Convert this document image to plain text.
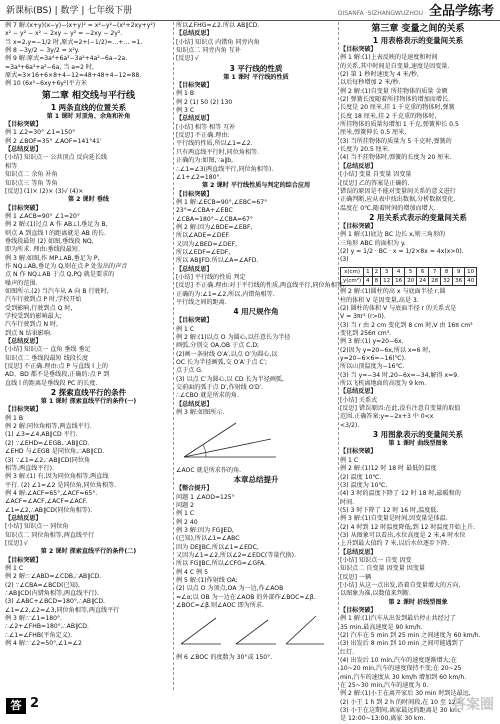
新课标(BS) | 数学 | 七年级下册	DISANFA ·SIZHANGWUZHOU 全品学练考
例 7 解:(x+y)(x−y)−(x+y)² = x²−y²−(x²+2xy+y²)
x² − y² − x² − 2xy − y² = −2xy − 2y².
当 x=2,y=−1/2 时,原式=2+(−1/2)=…+… =1.
例 8 −3y/2 − 3y/2 = x²y.
例 9 解:原式=3a⁴+6a³−3a²+4a²−6a−2a.
=3a⁴+6a³+a²−6a, 当 a=2 时,
原式=3×16+6×8+4−12=48+48+4−12=88.
例 10 (6x²−6xy+6y²)平方米
第二章 相交线与平行线
1 两条直线的位置关系
第 1 课时 对顶角、余角和补角
【目标突破】
例 1 ∠2=30° ∠1=150°
例 2 ∠BOF=35° ∠AOF=141°41′
【总结反思】
[小结] 知识点一 公共顶点 反向延长线
相等
知识点二 余角 补角
知识点三 等角 等角
[反思] (1)× (2)× (3)√ (4)×
第 2 课时 垂线
【目标突破】
例 1 ∠ACB=90° ∠1=20°
例 2 解:(1)过点 A 作 AB⊥l,垂足为 B,
则点 A 到直线 l 的距离就是 AB 的长.
垂线段最短 (2) 如图,垂线段 NQ,
即为所求. 理由:垂线段最短.
例 3 解:如图,作 MP⊥AB,垂足为 P,
作 NQ⊥AB,垂足为 Q,则在点 P 处发出的声音
点 N 作 NQ⊥AB 于点 Q,PQ 就是要求的
噪声的范围.
如图所示.(2) 当汽车从 A 向 B 行驶时,
汽车行驶到点 P 时,学校开始
受到影响,行驶到点 Q 时,
学校受到的影响最大;
汽车行驶到点 N 时,
到点 N 结束影响.
【总结反思】
[小结] 知识点一 直角 垂线 垂足
知识点二 垂线段最短 线段长度
[反思] 不正确.理由:点 P 与直线 l 上的
AD、BD 都不是垂线段,正确的:点 P 到
直线 l 的距离是垂线段 PC 的长度.
2 探索直线平行的条件
第 1 课时 探索直线平行的条件(一)
【目标突破】
例 1 B
例 2 解:同位角相等,两直线平行.
(1) ∠3=∠4,AB∥CD 平行.
(2) ∵∠EHD=∠EGB,∴AB∥CD.
∠EHD 与∠EGB 是同位角,∴AB∥CD.
(3) ∵∠1=∠2,∴AB∥CD(同位角
相等,两直线平行).
例 3 解:(1) 有,因为同位角相等,两直线
平行. (2) ∠1=∠2 是同位角,同位角相等.
例 4 解:∠ACF=65°,∠ACF=65°.
∠ACF=∠ACF,∠ACF=∠ACF.
∠1=∠2,∴AB∥CD(同位角相等).
【总结反思】
[小结] 知识点一 同位角
知识点二 同位角相等,两直线平行
[反思] √
第 2 课时 探索直线平行的条件(二)
【目标突破】
例 1 C
例 2 解:∵∠ABD=∠CDB,∴AB∥CD.
(2) ∵∠CBA=∠BCD(已知),
∴AB∥CD(内错角相等,两直线平行).
(3) ∠ABC+∠BCD=180°,∴AB∥CD.
∠1=∠2,∠2=∠3,同位角相等,两直线平行
例 3 解:∵∠1=180°.
∴∠2+∠FHB=180°,∴AB∥CD.
∴∠1=∠FHB(平角定义).
例 4 解:∵∠2=50°,∠1=∠2
所以∠FHG=∠2.所以 AB∥CD.
【总结反思】
[小结] 知识点 内错角 同旁内角
知识点二 同旁内角 互补
[反思] √
3 平行线的性质
第 1 课时 平行线的性质
【目标突破】
例 1 B
例 2 (1) 50 (2) 130
例 3 C
【总结反思】
[小结] 相等 相等 互补
[反思] 不正确.理由:
平行线的性质,所以∠1=∠2.
只有两直线平行时,同位角相等.
正确的为:如图,∵a∥b,
∴∠1=∠3(两直线平行,同位角相等).
∠1+∠2=180°.
第 2 课时 平行线性质与判定的综合应用
【目标突破】
例 1 解:∠ECB=90°,∠EBC=67°
23°=∠CBA+∠EBC
∠CBA=180°−∠CBA=67°
例 2 解:因为∠BDE=∠EBF,
所以∠ADE=∠DEF.
又因为∠BED=∠DEF,
所以∠EDF=∠EDF,
所以 AB∥FD.所以∠A=∠AFD.
【总结反思】
[小结] 平行线的性质 判定
[反思] 不正确.理由:对于平行线的性质,两直线平行,同位角相等.
正确的为:∠1=∠2,所以,内错角相等.
平行线之间的距离.
4 用尺规作角
【目标突破】
例 1 C
例 2 解:(1)以点 O 为圆心,以任意长为半径
画弧,分别交 OA,OB 于点 C,D;
(2)画一条射线 O′A′,以点 O′为圆心,以
OC 长为半径画弧,交 O′A′于点 C′;
点于点 G.
(3) 以点 C′为圆心,以 CD 长为半径画弧,
交前面的弧于点 D′,作射线 O′D′.
∴∠CBO 就是所求的角.
【总结反思】
例 3 解:如图所示.
∠AOC 就是所求作的角.
本章总结提升
【整合提升】
问题 1 ∠AOD=125°
问题 2
例 1 C
例 2 40
例 3 解:因为 FG∥ED,
(已知),所以∠1=∠ABC
因为 DE∥BC,所以∠1=∠EDC,
又因为∠1=∠2,所以∠2=∠EDC(等量代换).
所以 FG∥BC,所以∠CFG=∠GFA.
例 4 C 例 5
例 5 解:(1)作射线 OA;
(2) 以点 O 为顶点,OA 为一边,作∠AOB
=∠α;以 OB 为一边在∠AOB 的外部作∠BOC=∠β.
∠BOC=∠β.则∠AOC 即为所求.
例 6 ∠BOC 的度数为 30°或 150°.
第三章 变量之间的关系
1 用表格表示的变量间关系
【目标突破】
例 1 解:(1)上表反映的是速度和时间
的关系,其中时间是自变量,速度是因变量.
(2) 第 1 秒时速度为 4 米/秒,
以后每秒增加 2 米/秒.
例 2 解:(1)自变量 所挂物体的质量 金额
(2) 弹簧长度随着所挂物体的增加而增长.
长度是 20 厘米,挂 1 千克重的物体时,弹簧
长度 18 厘米,挂 2 千克重的物体时,
所挂物体的质量每增加 1 千克,弹簧伸长 0.5
厘米,弹簧伸长 0.5 厘米,
(3) 当所挂物体的质量为 5 千克时,弹簧的
长度为 20.5 厘米.
(4) 当不挂物体时,弹簧的长度为 20 厘米.
【总结反思】
[小结] 变量 自变量 因变量
[反思] 乙的答案是正确的.
错误的原因是不能对变量间关系的意义进行
正确判断,应从表中找出数据,分析数据变化.
温度在 0℃,随着时间的增加而增大.
2 用关系式表示的变量间关系
【目标突破】
例 1 解:(1)底边 BC 边长 x,则三角形的
三角形 ABC 的面积为 y.
(2) y = 1/2 · BC · x = 1/2×8x = 4x(x>0).
(3)
x(cm)	1	2	3	4	5	6	7	8	9	10
y(cm²)	4	8	12	16	20	24	28	32	36	40
例 2 解:(1)圆柱的高 x 与底面半径 r,圆
柱的体积 V 是因变量,高是 3.
(2) 圆柱的体积 V 与底面半径 r 的关系式是
V = 3πr² (r>0).
(3) 当 r 由 2 cm 变化到 8 cm 时,V 由 16π cm³
变化到 256π cm³.
例 3 解:(1) y=20−6x.
(2)因为 y=20−6x,所以 x=6 时,
y=20−6×6=−16(℃).
所以山顶温度为−16℃.
(3) 当 y=−34 时,20−6x=−34,解得 x=9.
所以飞机离地面的高度为 9 km.
【总结反思】
[小结] 关系式
[反思] 错误原因:在此,没有注意自变量的取值
范围.正确答案:y=−2x+3 中 0<x
<3/2).
3 用图象表示的变量间关系
第 1 课时 曲线型图象
【目标突破】
例 1 C
例 2 解:(1)12 时 18 时 最低的温度
(2) 温度 10℃.
(3) 温度为 10℃.
(4) 3 时的温度下降了 12 时 18 时,最暖和的
时间.
(5) 3 时下降了 12 时 16 时,温度低.
例 3 解:(1)自变量是时间,因变量是体温.
(2) 4 时到 12 时温度降低,到 12 时温度开始上升.
(3) 从图象可以看出,水位高度是 2 米,4 时水位
上升到最大值约 7 米,以后水位逐步下降.
【总结反思】
[小结] 知识点一 自变 因变
知识点二 自变量 因变量 因变量
[反思] 一辆
[小结] 从这一点出发,沿着自变量增大的方向,
以图象为准,以数值来判断.
第 2 课时 折线型图象
【目标突破】
例 1 解:(1)汽车从出发到最后停止共经过了
35 min,最高速度是 90 km/h.
(2) 汽车在 5 min 到 25 min 之间速度为 60 km/h.
(3) 出发后 8 min 到 10 min 之间可能遇到了
红灯.
(4) 出发后 10 min,汽车的速度逐渐增大;在
10~20 min,汽车的速度保持不变;在 20~25
min,汽车的速度从 30 km/h 增加到 60 km/h.
在 25~30 min,汽车的速度为 0.
例 2 解:(1)小王在离开家后 30 min 时到达最远,
(2) 小王 1 h 到 2 h 的时间段,在 10 至 12 时
(3) 小王在这期间,离家最远的距离是 30 km,
是 12:00~13:00,离家 30 km.
答 2	答案圈
